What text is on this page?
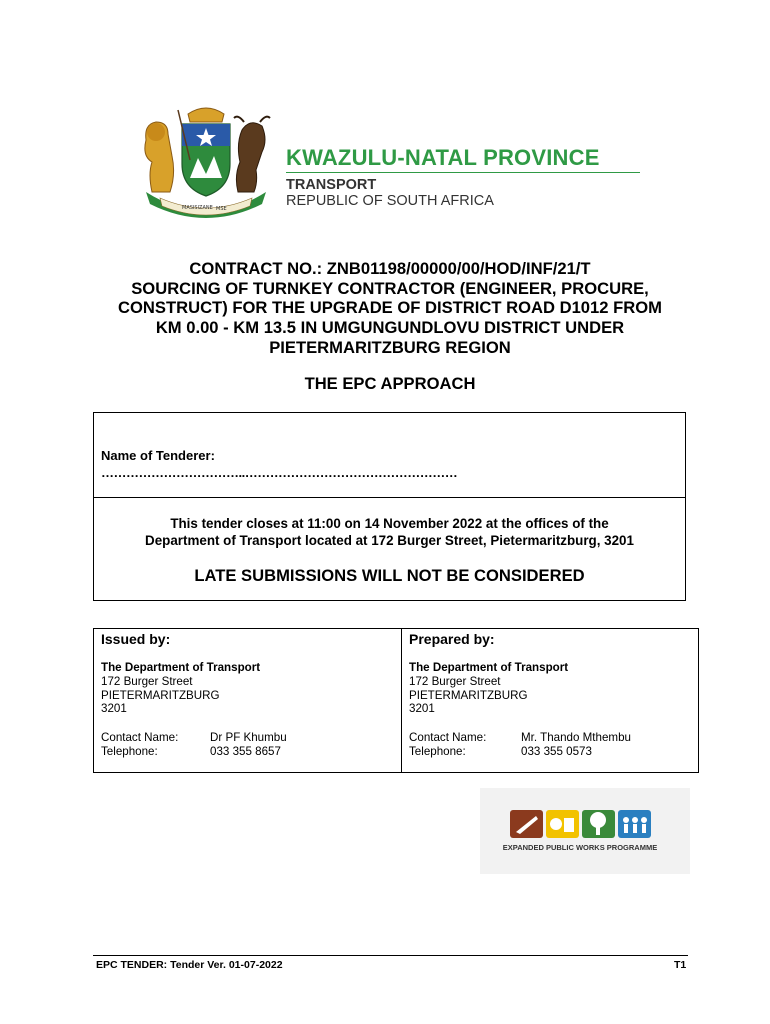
MASISIZANE MSE
KWAZULU-NATAL PROVINCE
TRANSPORT
REPUBLIC OF SOUTH AFRICA
CONTRACT NO.: ZNB01198/00000/00/HOD/INF/21/T
SOURCING OF TURNKEY CONTRACTOR (ENGINEER, PROCURE,
CONSTRUCT) FOR THE UPGRADE OF DISTRICT ROAD D1012 FROM
KM 0.00 - KM 13.5 IN UMGUNGUNDLOVU DISTRICT UNDER
PIETERMARITZBURG REGION
THE EPC APPROACH
Name of Tenderer:
……………………………..……………………………………………
This tender closes at 11:00 on 14 November 2022 at the offices of the
Department of Transport located at 172 Burger Street, Pietermaritzburg, 3201
LATE SUBMISSIONS WILL NOT BE CONSIDERED
Issued by:
The Department of Transport
172 Burger Street
PIETERMARITZBURG
3201
Contact Name:	Dr PF Khumbu
Telephone:	033 355 8657
Prepared by:
The Department of Transport
172 Burger Street
PIETERMARITZBURG
3201
Contact Name:	Mr. Thando Mthembu
Telephone:	033 355 0573
EXPANDED PUBLIC WORKS PROGRAMME
EPC TENDER: Tender Ver. 01-07-2022	T1
